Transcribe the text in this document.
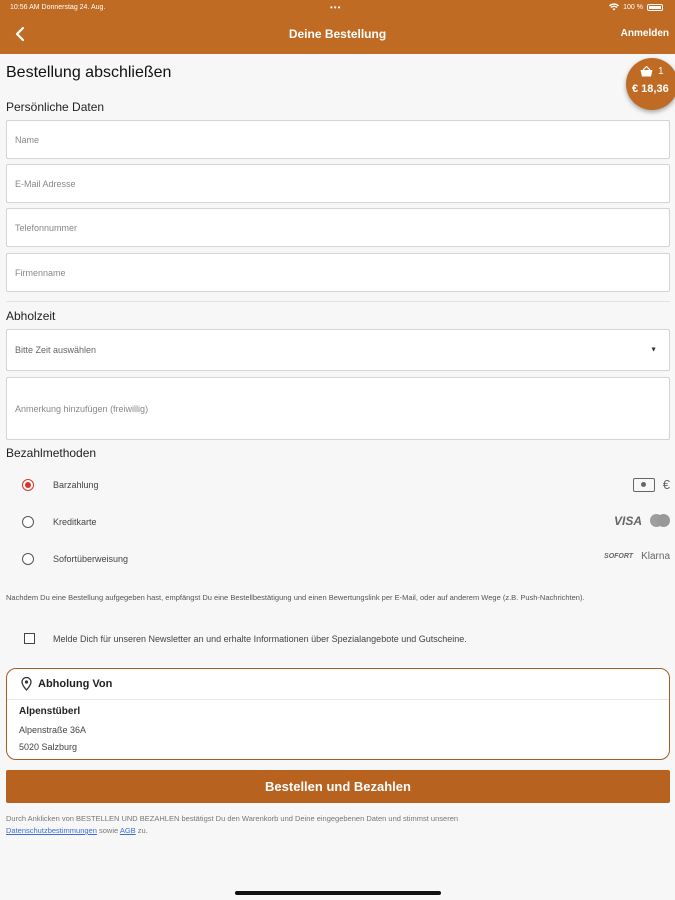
10:56 AM Donnerstag 24. Aug.	•••	100 %
Deine Bestellung	Anmelden
1
€ 18,36
Bestellung abschließen
Persönliche Daten
Name
E-Mail Adresse
Telefonnummer
Firmenname
Abholzeit
Bitte Zeit auswählen	▼
Anmerkung hinzufügen (freiwillig)
Bezahlmethoden
Barzahlung	€
Kreditkarte	VISA
Sofortüberweisung	SOFORT Klarna
Nachdem Du eine Bestellung aufgegeben hast, empfängst Du eine Bestellbestätigung und einen Bewertungslink per E-Mail, oder auf anderem Wege (z.B. Push-Nachrichten).
Melde Dich für unseren Newsletter an und erhalte Informationen über Spezialangebote und Gutscheine.
Abholung Von
Alpenstüberl
Alpenstraße 36A
5020 Salzburg
Bestellen und Bezahlen
Durch Anklicken von BESTELLEN UND BEZAHLEN bestätigst Du den Warenkorb und Deine eingegebenen Daten und stimmst unseren
Datenschutzbestimmungen sowie AGB zu.
